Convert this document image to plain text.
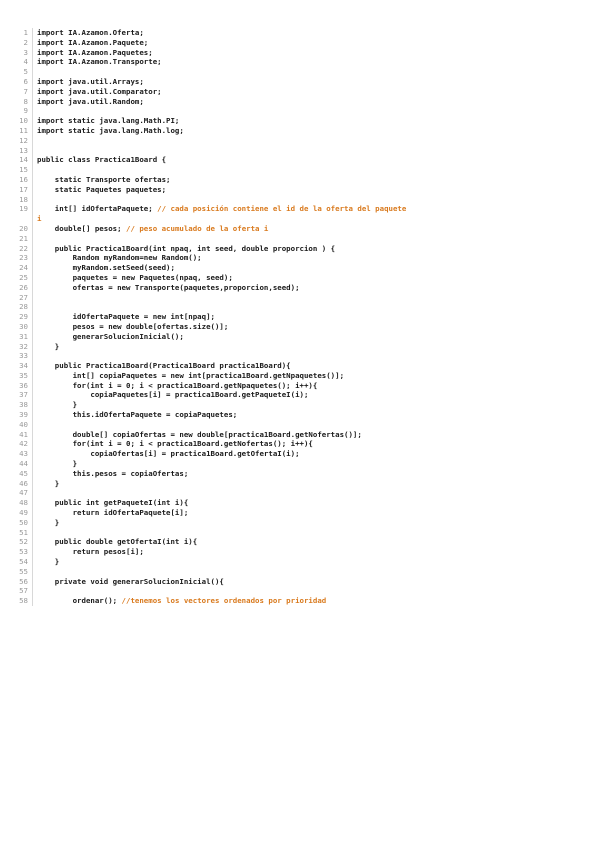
1	import IA.Azamon.Oferta;
2	import IA.Azamon.Paquete;
3	import IA.Azamon.Paquetes;
4	import IA.Azamon.Transporte;
5
6	import java.util.Arrays;
7	import java.util.Comparator;
8	import java.util.Random;
9
10	import static java.lang.Math.PI;
11	import static java.lang.Math.log;
12
13
14	public class Practica1Board {
15
16	static Transporte ofertas;
17	static Paquetes paquetes;
18
19	int[] idOfertaPaquete; // cada posición contiene el id de la oferta del paquete
i
20	double[] pesos; // peso acumulado de la oferta i
21
22	public Practica1Board(int npaq, int seed, double proporcion ) {
23	Random myRandom=new Random();
24	myRandom.setSeed(seed);
25	paquetes = new Paquetes(npaq, seed);
26	ofertas = new Transporte(paquetes,proporcion,seed);
27
28
29	idOfertaPaquete = new int[npaq];
30	pesos = new double[ofertas.size()];
31	generarSolucionInicial();
32	}
33
34	public Practica1Board(Practica1Board practica1Board){
35	int[] copiaPaquetes = new int[practica1Board.getNpaquetes()];
36	for(int i = 0; i < practica1Board.getNpaquetes(); i++){
37	copiaPaquetes[i] = practica1Board.getPaqueteI(i);
38	}
39	this.idOfertaPaquete = copiaPaquetes;
40
41	double[] copiaOfertas = new double[practica1Board.getNofertas()];
42	for(int i = 0; i < practica1Board.getNofertas(); i++){
43	copiaOfertas[i] = practica1Board.getOfertaI(i);
44	}
45	this.pesos = copiaOfertas;
46	}
47
48	public int getPaqueteI(int i){
49	return idOfertaPaquete[i];
50	}
51
52	public double getOfertaI(int i){
53	return pesos[i];
54	}
55
56	private void generarSolucionInicial(){
57
58	ordenar(); //tenemos los vectores ordenados por prioridad
